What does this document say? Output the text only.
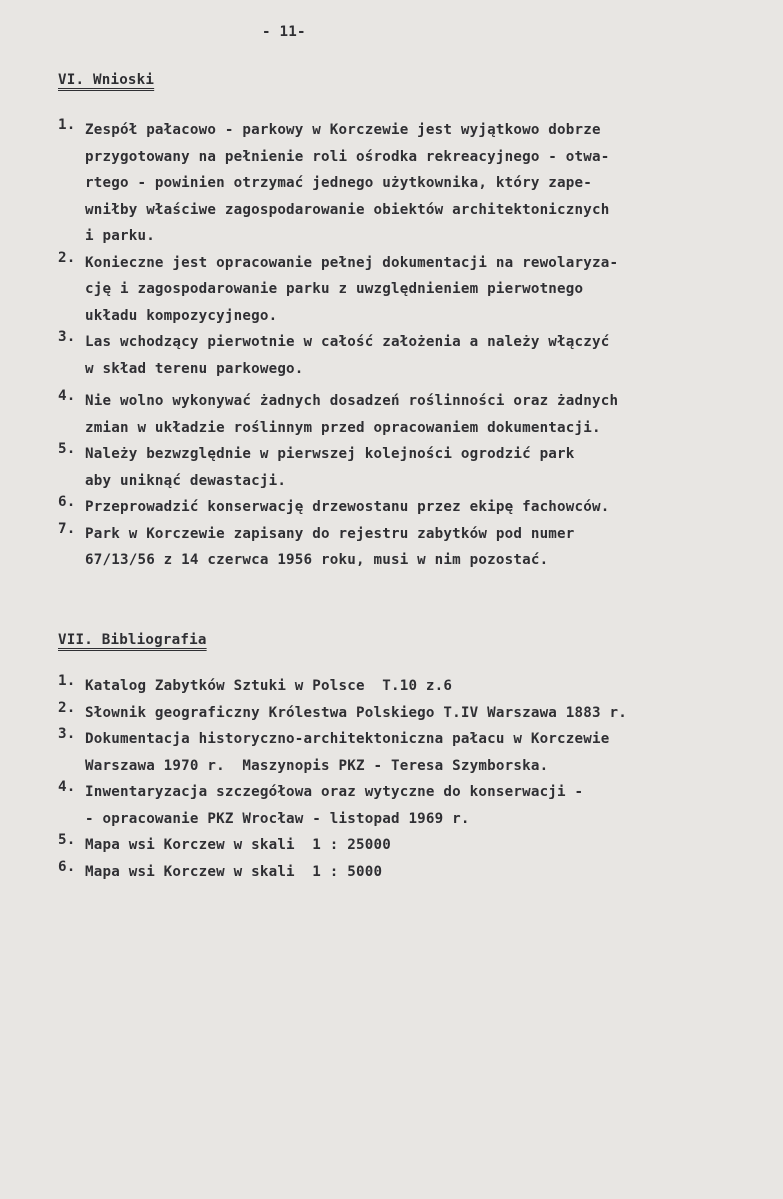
- 11-
VI. Wnioski
1. Zespół pałacowo - parkowy w Korczewie jest wyjątkowo dobrze
przygotowany na pełnienie roli ośrodka rekreacyjnego - otwa-
rtego - powinien otrzymać jednego użytkownika, który zape-
wniłby właściwe zagospodarowanie obiektów architektonicznych
i parku.
2. Konieczne jest opracowanie pełnej dokumentacji na rewolaryza-
cję i zagospodarowanie parku z uwzględnieniem pierwotnego
układu kompozycyjnego.
3. Las wchodzący pierwotnie w całość założenia a należy włączyć
w skład terenu parkowego.
4. Nie wolno wykonywać żadnych dosadzeń roślinności oraz żadnych
zmian w układzie roślinnym przed opracowaniem dokumentacji.
5. Należy bezwzględnie w pierwszej kolejności ogrodzić park
aby uniknąć dewastacji.
6. Przeprowadzić konserwację drzewostanu przez ekipę fachowców.
7. Park w Korczewie zapisany do rejestru zabytków pod numer
67/13/56 z 14 czerwca 1956 roku, musi w nim pozostać.
VII. Bibliografia
1. Katalog Zabytków Sztuki w Polsce  T.10 z.6
2. Słownik geograficzny Królestwa Polskiego T.IV Warszawa 1883 r.
3. Dokumentacja historyczno-architektoniczna pałacu w Korczewie
Warszawa 1970 r.  Maszynopis PKZ - Teresa Szymborska.
4. Inwentaryzacja szczegółowa oraz wytyczne do konserwacji -
- opracowanie PKZ Wrocław - listopad 1969 r.
5. Mapa wsi Korczew w skali  1 : 25000
6. Mapa wsi Korczew w skali  1 : 5000
